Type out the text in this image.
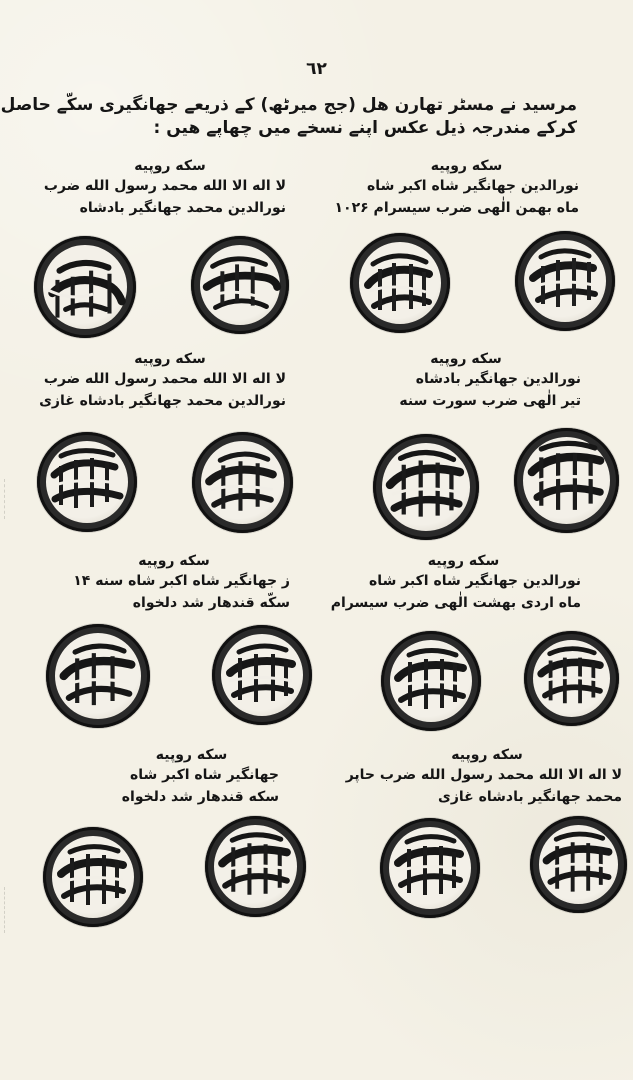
٦٢
مرسید نے مسٹر تھارن هل (جج میرٹھ) کے ذریعے جھانگیری سکّے حاصل
کرکے مندرجہ ذیل عکس اپنے نسخے میں چھاپے ھیں :
سکه روپیه
نورالدین جهانگیر شاه اکبر شاه
ماه بهمن الٰهی ضرب سیسرام ۱۰۲۶
سکه روپیه
لا اله الا الله محمد رسول الله ضرب
نورالدین محمد جهانگیر بادشاه
سکه روپیه
نورالدین جهانگیر بادشاه
تیر الٰهی ضرب سورت سنه
سکه روپیه
لا اله الا الله محمد رسول الله ضرب
نورالدین محمد جهانگیر بادشاه غازی
سکه روپیه
نورالدین جهانگیر شاه اکبر شاه
ماه اردی بهشت الٰهی ضرب سیسرام
سکه روپیه
ز جهانگیر شاه اکبر شاه سنه ۱۴
سکّه قندهار شد دلخواه
سکه روپیه
لا اله الا الله محمد رسول الله ضرب حاپر
محمد جهانگیر بادشاه غازی
سکه روپیه
جهانگیر شاه اکبر شاه
سکه قندهار شد دلخواه
